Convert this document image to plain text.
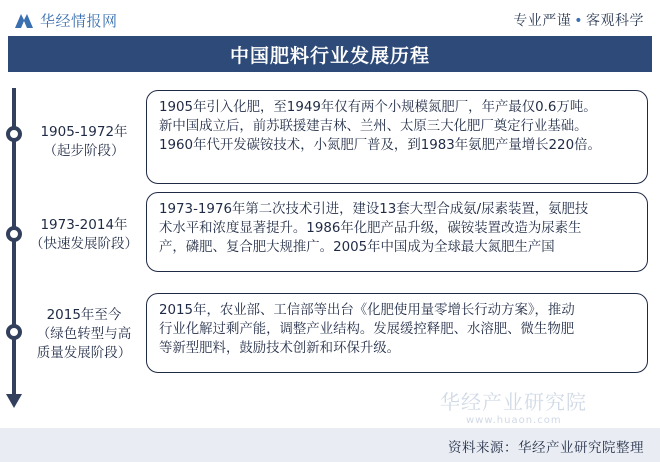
华经情报网	专业严谨 • 客观科学
中国肥料行业发展历程
1905-1972年
（起步阶段）
1973-2014年
（快速发展阶段）
2015年至今
（绿色转型与高
质量发展阶段）

1905年引入化肥，至1949年仅有两个小规模氮肥厂，年产最仅0.6万吨。

新中国成立后，前苏联援建吉林、兰州、太原三大化肥厂奠定行业基础。

1960年代开发碳铵技术，小氮肥厂普及，到1983年氨肥产量增长220倍。

1973-1976年第二次技术引进，建设13套大型合成氨/尿素装置，氨肥技

术水平和浓度显著提升。1986年化肥产品升级，碳铵装置改造为尿素生

产，磷肥、复合肥大规推广。2005年中国成为全球最大氮肥生产国

2015年，农业部、工信部等出台《化肥使用量零增长行动方案》，推动

行业化解过剩产能，调整产业结构。发展缓控释肥、水溶肥、微生物肥

等新型肥料，鼓励技术创新和环保升级。

华经产业研究院
www.huaon.com
资料来源：华经产业研究院整理
